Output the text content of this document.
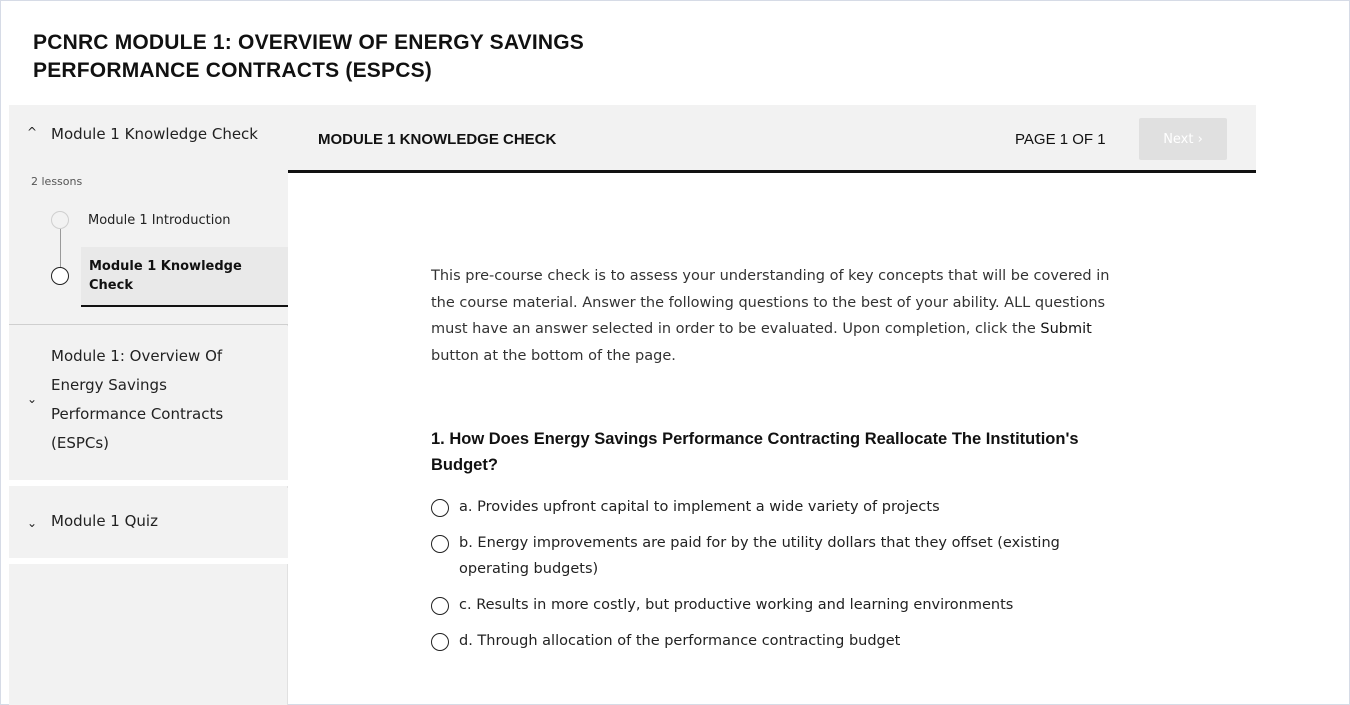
PCNRC MODULE 1: OVERVIEW OF ENERGY SAVINGS
PERFORMANCE CONTRACTS (ESPCS)
^ Module 1 Knowledge Check
2 lessons
Module 1 Introduction
Module 1 Knowledge Check
⌄
Module 1: Overview Of Energy Savings Performance Contracts (ESPCs)
⌄ Module 1 Quiz
MODULE 1 KNOWLEDGE CHECK	PAGE 1 OF 1	Next ›
This pre-course check is to assess your understanding of key concepts that will be covered in the course material. Answer the following questions to the best of your ability. ALL questions must have an answer selected in order to be evaluated. Upon completion, click the Submit button at the bottom of the page.
1. How Does Energy Savings Performance Contracting Reallocate The Institution's Budget?
a. Provides upfront capital to implement a wide variety of projects
b. Energy improvements are paid for by the utility dollars that they offset (existing operating budgets)
c. Results in more costly, but productive working and learning environments
d. Through allocation of the performance contracting budget
